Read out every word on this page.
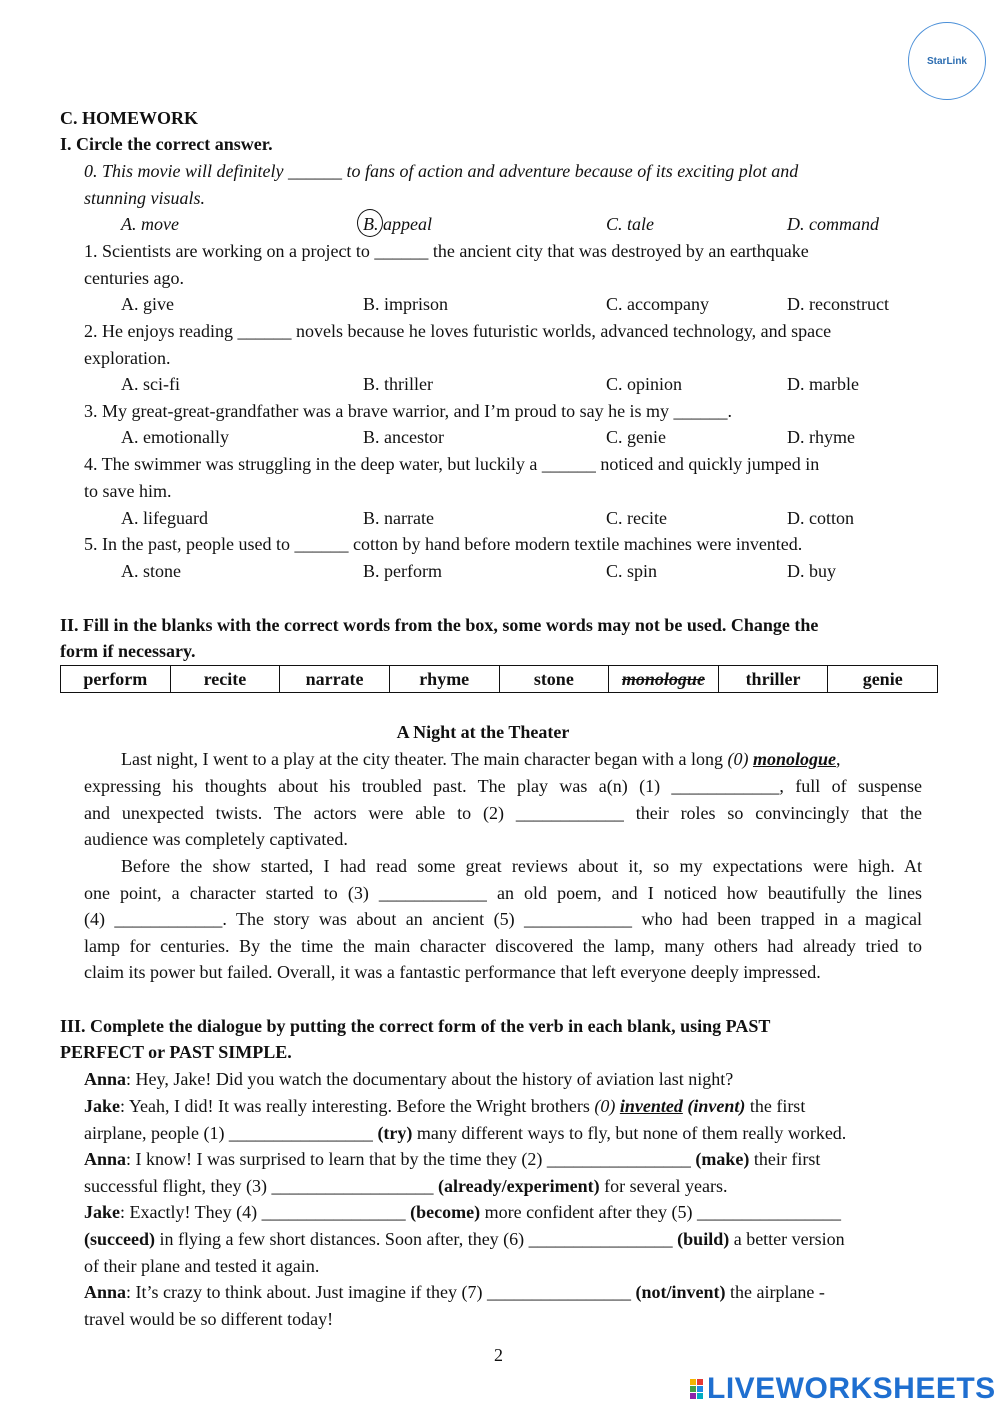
StarLink
C. HOMEWORK
I. Circle the correct answer.
0. This movie will definitely ______ to fans of action and adventure because of its exciting plot and
stunning visuals.
A. move	B. appeal	C. tale	D. command
1. Scientists are working on a project to ______ the ancient city that was destroyed by an earthquake
centuries ago.
A. give	B. imprison	C. accompany	D. reconstruct
2. He enjoys reading ______ novels because he loves futuristic worlds, advanced technology, and space
exploration.
A. sci-fi	B. thriller	C. opinion	D. marble
3. My great-great-grandfather was a brave warrior, and I’m proud to say he is my ______.
A. emotionally	B. ancestor	C. genie	D. rhyme
4. The swimmer was struggling in the deep water, but luckily a ______ noticed and quickly jumped in
to save him.
A. lifeguard	B. narrate	C. recite	D. cotton
5. In the past, people used to ______ cotton by hand before modern textile machines were invented.
A. stone	B. perform	C. spin	D. buy
II. Fill in the blanks with the correct words from the box, some words may not be used. Change the
form if necessary.
perform	recite	narrate	rhyme	stone	monologue	thriller	genie
A Night at the Theater
Last night, I went to a play at the city theater. The main character began with a long (0) monologue,
expressing his thoughts about his troubled past. The play was a(n) (1) ____________, full of suspense
and unexpected twists. The actors were able to (2) ____________ their roles so convincingly that the
audience was completely captivated.
Before the show started, I had read some great reviews about it, so my expectations were high. At
one point, a character started to (3) ____________ an old poem, and I noticed how beautifully the lines
(4) ____________. The story was about an ancient (5) ____________ who had been trapped in a magical
lamp for centuries. By the time the main character discovered the lamp, many others had already tried to
claim its power but failed. Overall, it was a fantastic performance that left everyone deeply impressed.
III. Complete the dialogue by putting the correct form of the verb in each blank, using PAST
PERFECT or PAST SIMPLE.
Anna: Hey, Jake! Did you watch the documentary about the history of aviation last night?
Jake: Yeah, I did! It was really interesting. Before the Wright brothers (0) invented (invent) the first
airplane, people (1) ________________ (try) many different ways to fly, but none of them really worked.
Anna: I know! I was surprised to learn that by the time they (2) ________________ (make) their first
successful flight, they (3) __________________ (already/experiment) for several years.
Jake: Exactly! They (4) ________________ (become) more confident after they (5) ________________
(succeed) in flying a few short distances. Soon after, they (6) ________________ (build) a better version
of their plane and tested it again.
Anna: It’s crazy to think about. Just imagine if they (7) ________________ (not/invent) the airplane -
travel would be so different today!
2
LIVEWORKSHEETS
